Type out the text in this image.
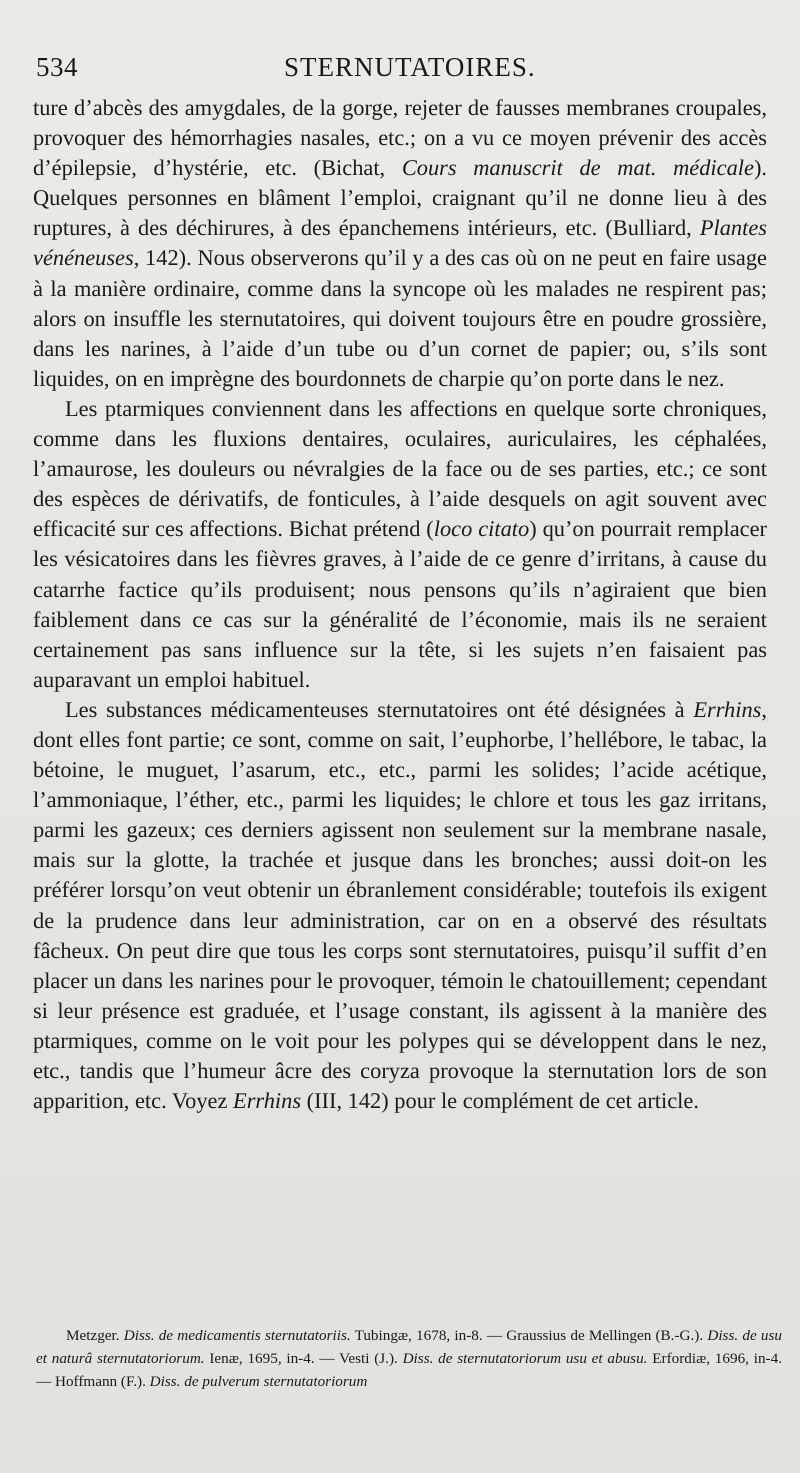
534	STERNUTATOIRES.

ture d’abcès des amygdales, de la gorge, rejeter de fausses membranes croupales, provoquer des hémorrhagies nasales, etc.; on a vu ce moyen prévenir des accès d’épilepsie, d’hystérie, etc. (Bichat, Cours manuscrit de mat. médicale). Quelques personnes en blâment l’emploi, craignant qu’il ne donne lieu à des ruptures, à des déchirures, à des épanchemens intérieurs, etc. (Bulliard, Plantes vénéneuses, 142). Nous observerons qu’il y a des cas où on ne peut en faire usage à la manière ordinaire, comme dans la syncope où les malades ne respirent pas; alors on insuffle les sternutatoires, qui doivent toujours être en poudre grossière, dans les narines, à l’aide d’un tube ou d’un cornet de papier; ou, s’ils sont liquides, on en imprègne des bourdonnets de charpie qu’on porte dans le nez.

Les ptarmiques conviennent dans les affections en quelque sorte chroniques, comme dans les fluxions dentaires, oculaires, auriculaires, les céphalées, l’amaurose, les douleurs ou névralgies de la face ou de ses parties, etc.; ce sont des espèces de dérivatifs, de fonticules, à l’aide desquels on agit souvent avec efficacité sur ces affections. Bichat prétend (loco citato) qu’on pourrait remplacer les vésicatoires dans les fièvres graves, à l’aide de ce genre d’irritans, à cause du catarrhe factice qu’ils produisent; nous pensons qu’ils n’agiraient que bien faiblement dans ce cas sur la généralité de l’économie, mais ils ne seraient certainement pas sans influence sur la tête, si les sujets n’en faisaient pas auparavant un emploi habituel.

Les substances médicamenteuses sternutatoires ont été désignées à Errhins, dont elles font partie; ce sont, comme on sait, l’euphorbe, l’hellébore, le tabac, la bétoine, le muguet, l’asarum, etc., etc., parmi les solides; l’acide acétique, l’ammoniaque, l’éther, etc., parmi les liquides; le chlore et tous les gaz irritans, parmi les gazeux; ces derniers agissent non seulement sur la membrane nasale, mais sur la glotte, la trachée et jusque dans les bronches; aussi doit-on les préférer lorsqu’on veut obtenir un ébranlement considérable; toutefois ils exigent de la prudence dans leur administration, car on en a observé des résultats fâcheux. On peut dire que tous les corps sont sternutatoires, puisqu’il suffit d’en placer un dans les narines pour le provoquer, témoin le chatouillement; cependant si leur présence est graduée, et l’usage constant, ils agissent à la manière des ptarmiques, comme on le voit pour les polypes qui se développent dans le nez, etc., tandis que l’humeur âcre des coryza provoque la sternutation lors de son apparition, etc. Voyez Errhins (III, 142) pour le complément de cet article.

Metzger. Diss. de medicamentis sternutatoriis. Tubingæ, 1678, in-8. — Graussius de Mellingen (B.-G.). Diss. de usu et naturâ sternutatoriorum. Ienæ, 1695, in-4. — Vesti (J.). Diss. de sternutatoriorum usu et abusu. Erfordiæ, 1696, in-4. — Hoffmann (F.). Diss. de pulverum sternutatoriorum
